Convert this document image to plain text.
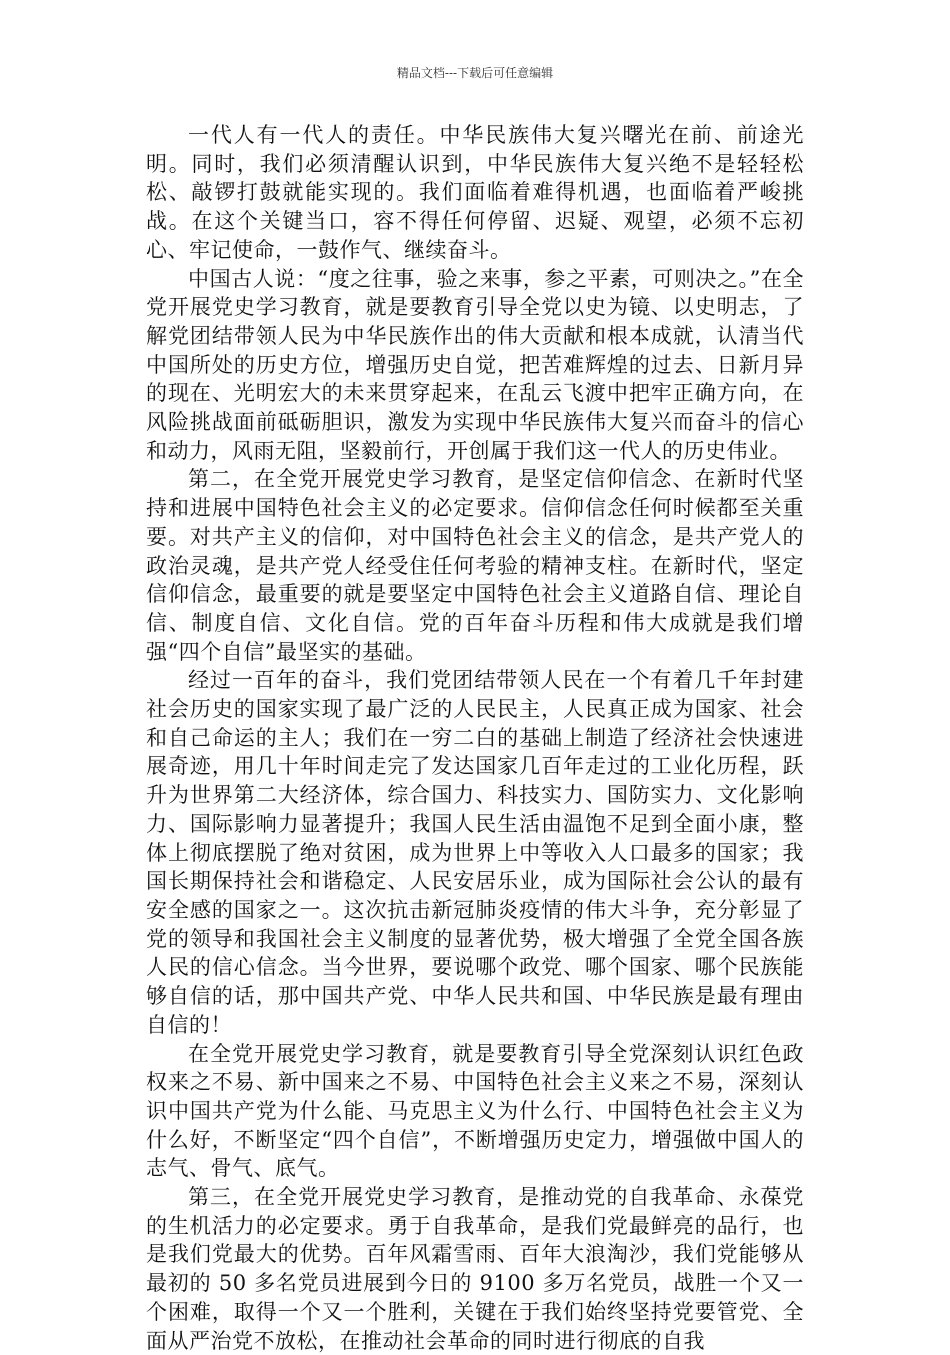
精品文档---下载后可任意编辑

一代人有一代人的责任。中华民族伟大复兴曙光在前、前途光明。同时，我们必须清醒认识到，中华民族伟大复兴绝不是轻轻松松、敲锣打鼓就能实现的。我们面临着难得机遇，也面临着严峻挑战。在这个关键当口，容不得任何停留、迟疑、观望，必须不忘初心、牢记使命，一鼓作气、继续奋斗。

中国古人说：“度之往事，验之来事，参之平素，可则决之。”在全党开展党史学习教育，就是要教育引导全党以史为镜、以史明志，了解党团结带领人民为中华民族作出的伟大贡献和根本成就，认清当代中国所处的历史方位，增强历史自觉，把苦难辉煌的过去、日新月异的现在、光明宏大的未来贯穿起来，在乱云飞渡中把牢正确方向，在风险挑战面前砥砺胆识，激发为实现中华民族伟大复兴而奋斗的信心和动力，风雨无阻，坚毅前行，开创属于我们这一代人的历史伟业。

第二，在全党开展党史学习教育，是坚定信仰信念、在新时代坚持和进展中国特色社会主义的必定要求。信仰信念任何时候都至关重要。对共产主义的信仰，对中国特色社会主义的信念，是共产党人的政治灵魂，是共产党人经受住任何考验的精神支柱。在新时代，坚定信仰信念，最重要的就是要坚定中国特色社会主义道路自信、理论自信、制度自信、文化自信。党的百年奋斗历程和伟大成就是我们增强“四个自信”最坚实的基础。

经过一百年的奋斗，我们党团结带领人民在一个有着几千年封建社会历史的国家实现了最广泛的人民民主，人民真正成为国家、社会和自己命运的主人；我们在一穷二白的基础上制造了经济社会快速进展奇迹，用几十年时间走完了发达国家几百年走过的工业化历程，跃升为世界第二大经济体，综合国力、科技实力、国防实力、文化影响力、国际影响力显著提升；我国人民生活由温饱不足到全面小康，整体上彻底摆脱了绝对贫困，成为世界上中等收入人口最多的国家；我国长期保持社会和谐稳定、人民安居乐业，成为国际社会公认的最有安全感的国家之一。这次抗击新冠肺炎疫情的伟大斗争，充分彰显了党的领导和我国社会主义制度的显著优势，极大增强了全党全国各族人民的信心信念。当今世界，要说哪个政党、哪个国家、哪个民族能够自信的话，那中国共产党、中华人民共和国、中华民族是最有理由自信的！

在全党开展党史学习教育，就是要教育引导全党深刻认识红色政权来之不易、新中国来之不易、中国特色社会主义来之不易，深刻认识中国共产党为什么能、马克思主义为什么行、中国特色社会主义为什么好，不断坚定“四个自信”，不断增强历史定力，增强做中国人的志气、骨气、底气。

第三，在全党开展党史学习教育，是推动党的自我革命、永葆党的生机活力的必定要求。勇于自我革命，是我们党最鲜亮的品行，也是我们党最大的优势。百年风霜雪雨、百年大浪淘沙，我们党能够从最初的 50 多名党员进展到今日的 9100 多万名党员，战胜一个又一个困难，取得一个又一个胜利，关键在于我们始终坚持党要管党、全面从严治党不放松，在推动社会革命的同时进行彻底的自我
